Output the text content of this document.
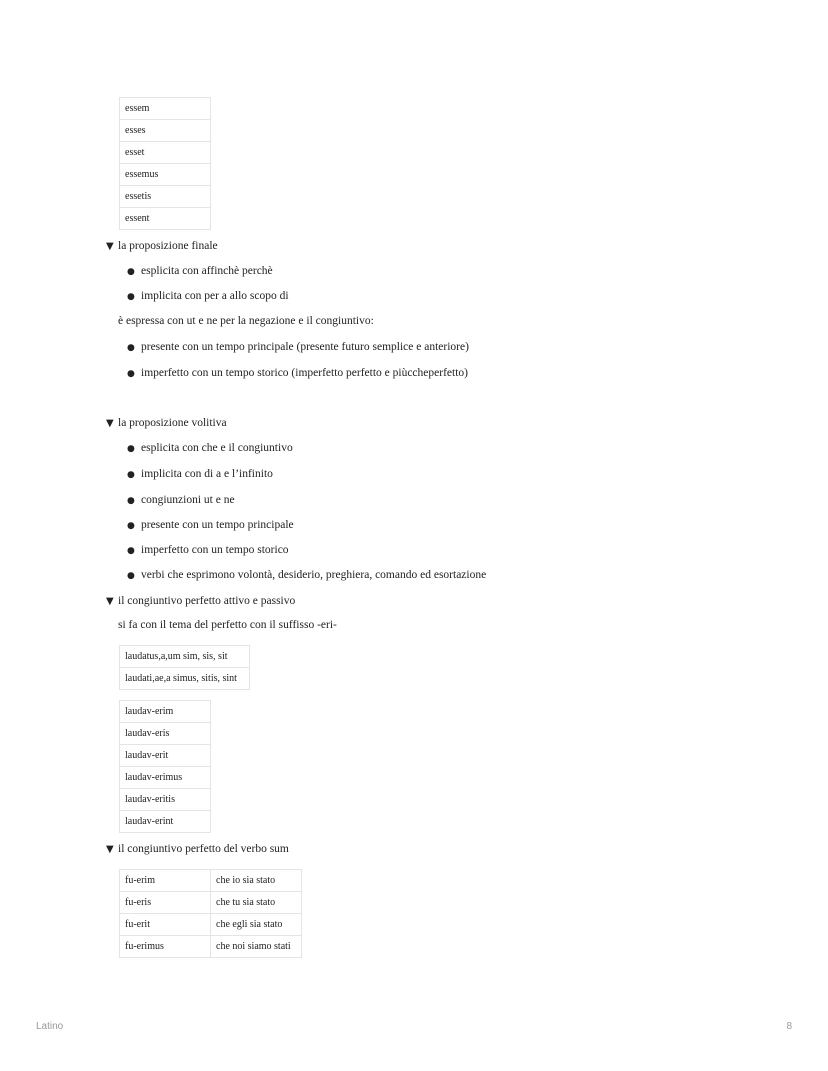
essem
esses
esset
essemus
essetis
essent
▼ la proposizione finale
● esplicita con affinchè perchè
● implicita con per a allo scopo di
è espressa con ut e ne per la negazione e il congiuntivo:
● presente con un tempo principale (presente futuro semplice e anteriore)
● imperfetto con un tempo storico (imperfetto perfetto e piùccheperfetto)
▼ la proposizione volitiva
● esplicita con che e il congiuntivo
● implicita con di a e l’infinito
● congiunzioni ut e ne
● presente con un tempo principale
● imperfetto con un tempo storico
● verbi che esprimono volontà, desiderio, preghiera, comando ed esortazione
▼ il congiuntivo perfetto attivo e passivo
si fa con il tema del perfetto con il suffisso -eri-
laudatus,a,um sim, sis, sit
laudati,ae,a simus, sitis, sint
laudav-erim
laudav-eris
laudav-erit
laudav-erimus
laudav-eritis
laudav-erint
▼ il congiuntivo perfetto del verbo sum
fu-erim	che io sia stato
fu-eris	che tu sia stato
fu-erit	che egli sia stato
fu-erimus	che noi siamo stati
Latino	8
